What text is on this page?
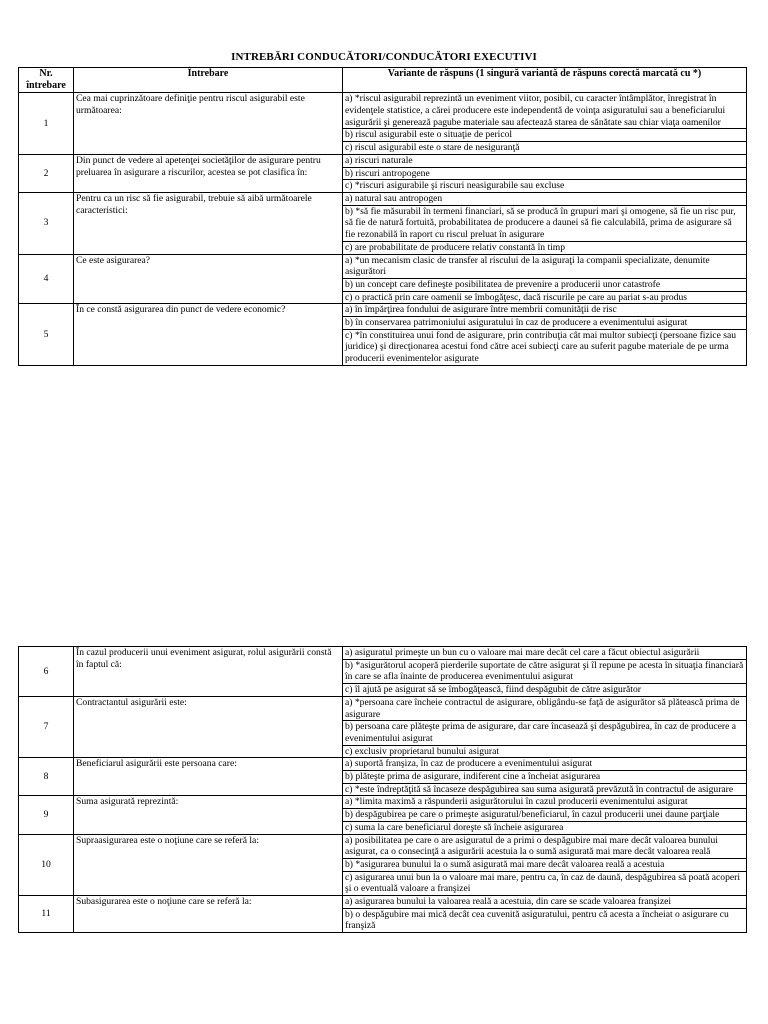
INTREBĂRI CONDUCĂTORI/CONDUCĂTORI EXECUTIVI
Nr. întrebare	Întrebare	Variante de răspuns (1 singură variantă de răspuns corectă marcată cu *)
1	Cea mai cuprinzătoare definiţie pentru riscul asigurabil este următoarea:	a) *riscul asigurabil reprezintă un eveniment viitor, posibil, cu caracter întâmplător, înregistrat în evidenţele statistice, a cărei producere este independentă de voinţa asiguratului sau a beneficiarului asigurării şi generează pagube materiale sau afectează starea de sănătate sau chiar viaţa oamenilor
		b) riscul asigurabil este o situaţie de pericol
		c) riscul asigurabil este o stare de nesiguranţă
2	Din punct de vedere al apetenţei societăţilor de asigurare pentru preluarea în asigurare a riscurilor, acestea se pot clasifica în:	a) riscuri naturale
		b) riscuri antropogene
		c) *riscuri asigurabile şi riscuri neasigurabile sau excluse
3	Pentru ca un risc să fie asigurabil, trebuie să aibă următoarele caracteristici:	a) natural sau antropogen
		b) *să fie măsurabil în termeni financiari, să se producă în grupuri mari şi omogene, să fie un risc pur, să fie de natură fortuită, probabilitatea de producere a daunei să fie calculabilă, prima de asigurare să fie rezonabilă în raport cu riscul preluat în asigurare
		c) are probabilitate de producere relativ constantă în timp
4	Ce este asigurarea?	a) *un mecanism clasic de transfer al riscului de la asiguraţi la companii specializate, denumite asigurători
		b) un concept care defineşte posibilitatea de prevenire a producerii unor catastrofe
		c) o practică prin care oamenii se îmbogăţesc, dacă riscurile pe care au pariat s-au produs
5	În ce constă asigurarea din punct de vedere economic?	a) în împărţirea fondului de asigurare între membrii comunităţii de risc
		b) în conservarea patrimoniului asiguratului în caz de producere a evenimentului asigurat
		c) *în constituirea unui fond de asigurare, prin contribuţia cât mai multor subiecţi (persoane fizice sau juridice) şi direcţionarea acestui fond către acei subiecţi care au suferit pagube materiale de pe urma producerii evenimentelor asigurate
6	În cazul producerii unui eveniment asigurat, rolul asigurării constă în faptul că:	a) asiguratul primeşte un bun cu o valoare mai mare decât cel care a făcut obiectul asigurării
		b) *asigurătorul acoperă pierderile suportate de către asigurat şi îl repune pe acesta în situaţia financiară în care se afla înainte de producerea evenimentului asigurat
		c) îl ajută pe asigurat să se îmbogăţească, fiind despăgubit de către asigurător
7	Contractantul asigurării este:	a) *persoana care încheie contractul de asigurare, obligându-se faţă de asigurător să plătească prima de asigurare
		b) persoana care plăteşte prima de asigurare, dar care încasează şi despăgubirea, în caz de producere a evenimentului asigurat
		c) exclusiv proprietarul bunului asigurat
8	Beneficiarul asigurării este persoana care:	a) suportă franşiza, în caz de producere a evenimentului asigurat
		b) plăteşte prima de asigurare, indiferent cine a încheiat asigurarea
		c) *este îndreptăţită să încaseze despăgubirea sau suma asigurată prevăzută în contractul de asigurare
9	Suma asigurată reprezintă:	a) *limita maximă a răspunderii asigurătorului în cazul producerii evenimentului asigurat
		b) despăgubirea pe care o primeşte asiguratul/beneficiarul, în cazul producerii unei daune parţiale
		c) suma la care beneficiarul doreşte să încheie asigurarea
10	Supraasigurarea este o noţiune care se referă la:	a) posibilitatea pe care o are asiguratul de a primi o despăgubire mai mare decât valoarea bunului asigurat, ca o consecinţă a asigurării acestuia la o sumă asigurată mai mare decât valoarea reală
		b) *asigurarea bunului la o sumă asigurată mai mare decât valoarea reală a acestuia
		c) asigurarea unui bun la o valoare mai mare, pentru ca, în caz de daună, despăgubirea să poată acoperi şi o eventuală valoare a franşizei
11	Subasigurarea este o noţiune care se referă la:	a) asigurarea bunului la valoarea reală a acestuia, din care se scade valoarea franşizei
		b) o despăgubire mai mică decât cea cuvenită asiguratului, pentru că acesta a încheiat o asigurare cu franşiză
